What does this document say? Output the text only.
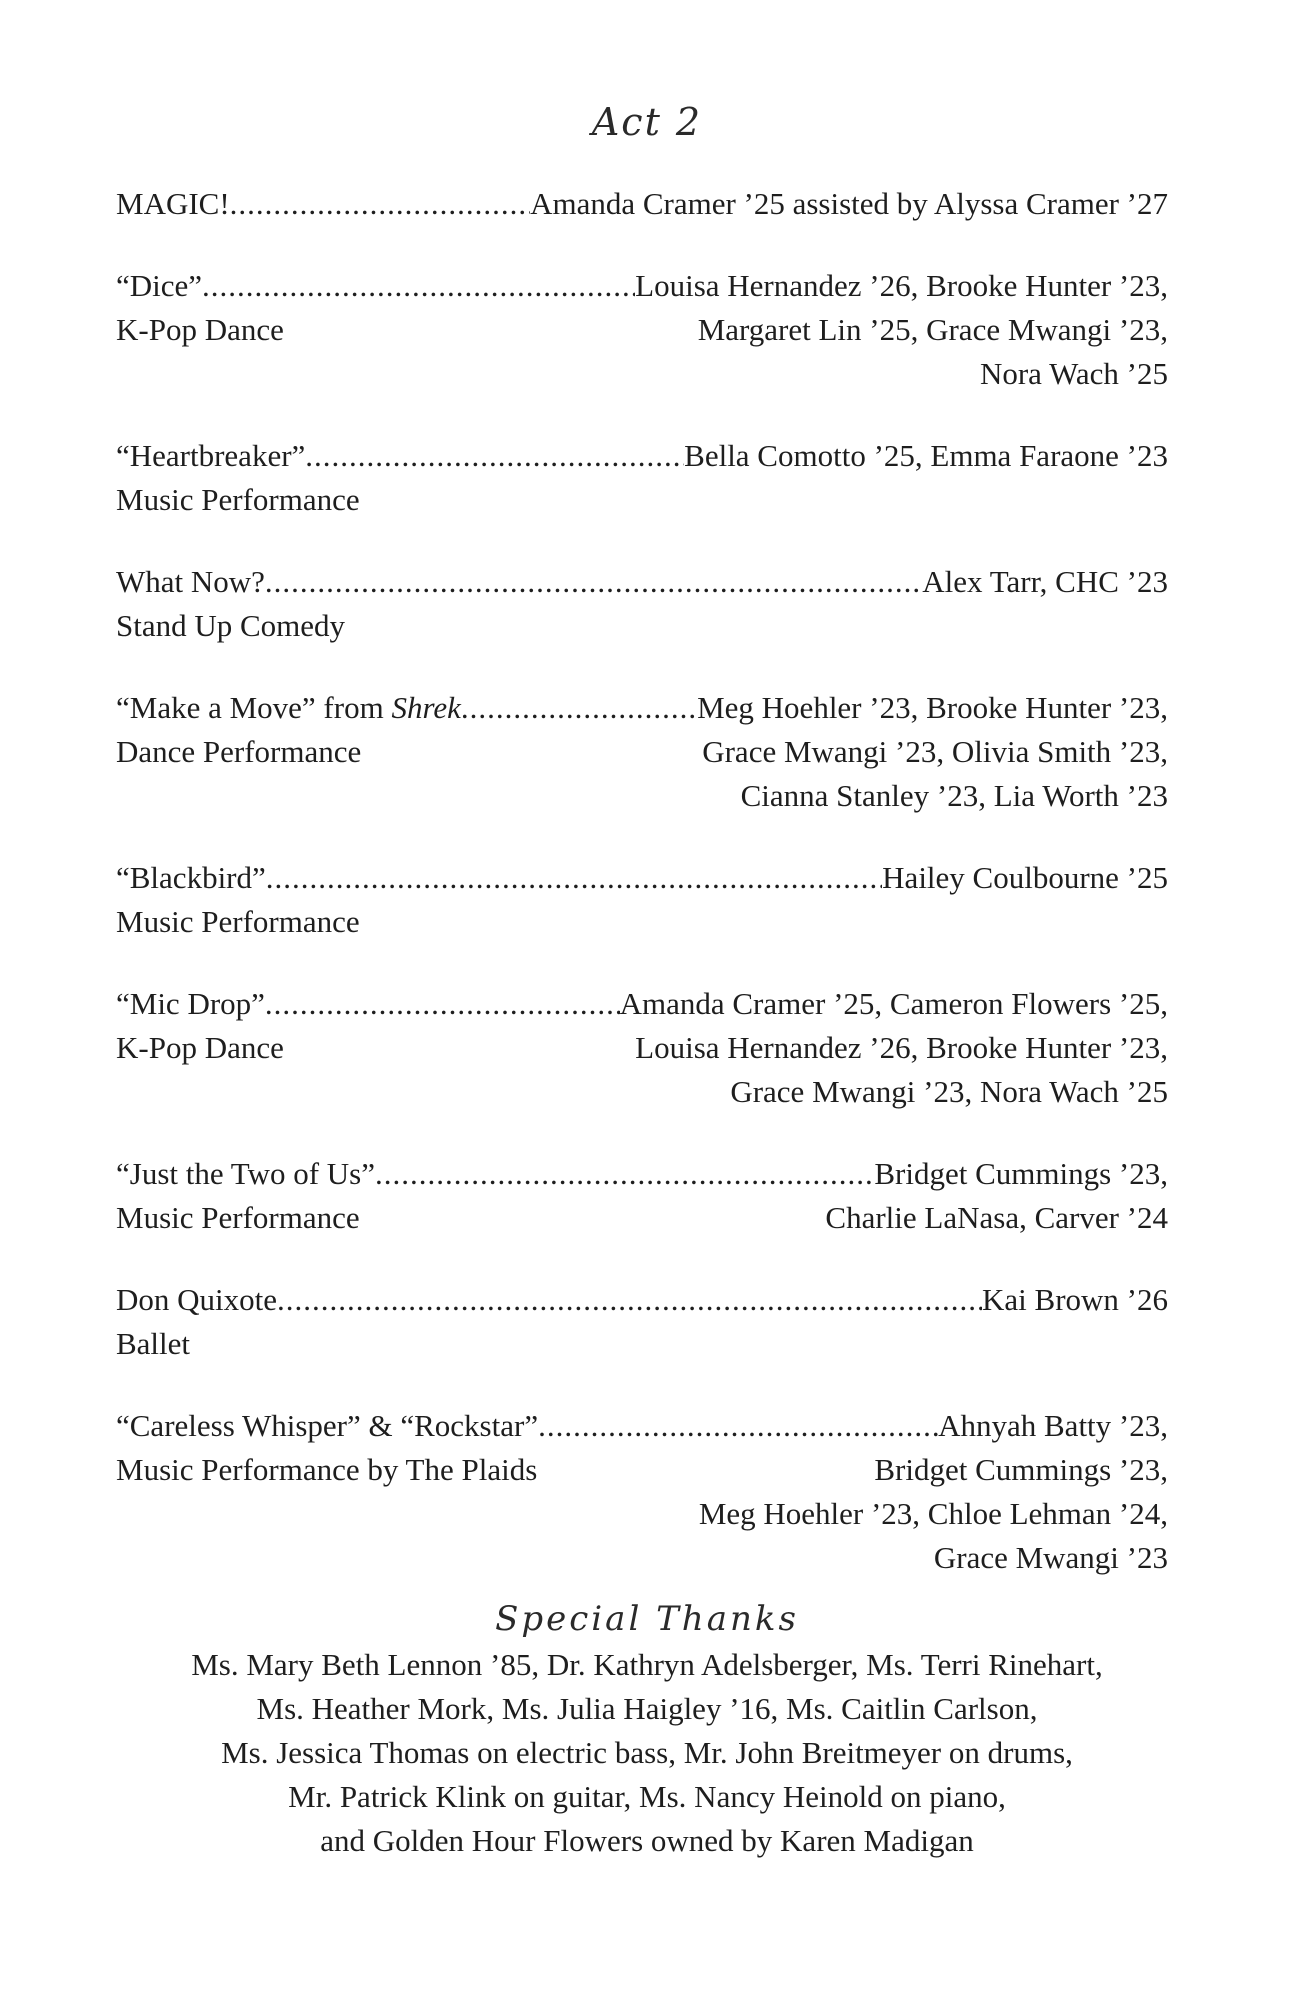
Act 2
MAGIC! .....	Amanda Cramer ’25 assisted by Alyssa Cramer ’27
“Dice” .....	Louisa Hernandez ’26, Brooke Hunter ’23,
K-Pop Dance	Margaret Lin ’25, Grace Mwangi ’23,
Nora Wach ’25
“Heartbreaker” .....	Bella Comotto ’25, Emma Faraone ’23
Music Performance
What Now? .....	Alex Tarr, CHC ’23
Stand Up Comedy
“Make a Move” from Shrek .....	Meg Hoehler ’23, Brooke Hunter ’23,
Dance Performance	Grace Mwangi ’23, Olivia Smith ’23,
Cianna Stanley ’23, Lia Worth ’23
“Blackbird” .....	Hailey Coulbourne ’25
Music Performance
“Mic Drop” .....	Amanda Cramer ’25, Cameron Flowers ’25,
K-Pop Dance	Louisa Hernandez ’26, Brooke Hunter ’23,
Grace Mwangi ’23, Nora Wach ’25
“Just the Two of Us” .....	Bridget Cummings ’23,
Music Performance	Charlie LaNasa, Carver ’24
Don Quixote .....	Kai Brown ’26
Ballet
“Careless Whisper” & “Rockstar” .....	Ahnyah Batty ’23,
Music Performance by The Plaids	Bridget Cummings ’23,
Meg Hoehler ’23, Chloe Lehman ’24,
Grace Mwangi ’23
Special Thanks
Ms. Mary Beth Lennon ’85, Dr. Kathryn Adelsberger, Ms. Terri Rinehart,
Ms. Heather Mork, Ms. Julia Haigley ’16, Ms. Caitlin Carlson,
Ms. Jessica Thomas on electric bass, Mr. John Breitmeyer on drums,
Mr. Patrick Klink on guitar, Ms. Nancy Heinold on piano,
and Golden Hour Flowers owned by Karen Madigan
